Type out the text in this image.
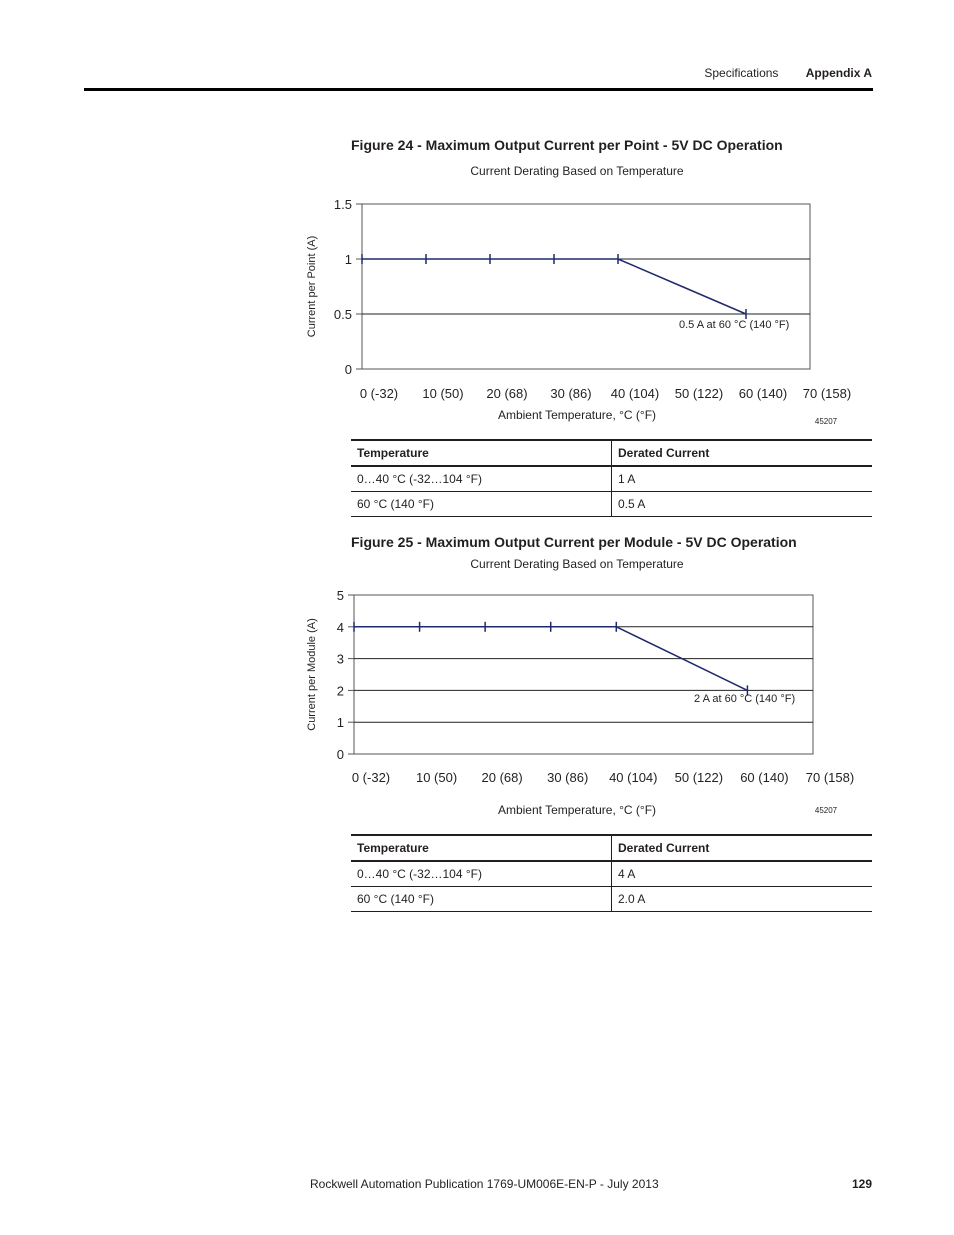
Specifications Appendix A
Figure 24 - Maximum Output Current per Point - 5V DC Operation
Current Derating Based on Temperature
0
0.5
1
1.5
0 (-32) 10 (50) 20 (68) 30 (86) 40 (104) 50 (122) 60 (140) 70 (158)
Ambient Temperature, °C (°F)
Current per Point (A)	0.5 A at 60 °C (140 °F)
45207
Temperature	Derated Current
0…40 °C (-32…104 °F)	1 A
60 °C (140 °F)	0.5 A
Figure 25 - Maximum Output Current per Module - 5V DC Operation
Current Derating Based on Temperature
0
1
2
3
4
5
0 (-32) 10 (50) 20 (68) 30 (86) 40 (104) 50 (122) 60 (140) 70 (158)
Ambient Temperature, °C (°F)
Current per Module (A)	2 A at 60 °C (140 °F)
45207
Temperature	Derated Current
0…40 °C (-32…104 °F)	4 A
60 °C (140 °F)	2.0 A
Rockwell Automation Publication 1769-UM006E-EN-P - July 2013	129
